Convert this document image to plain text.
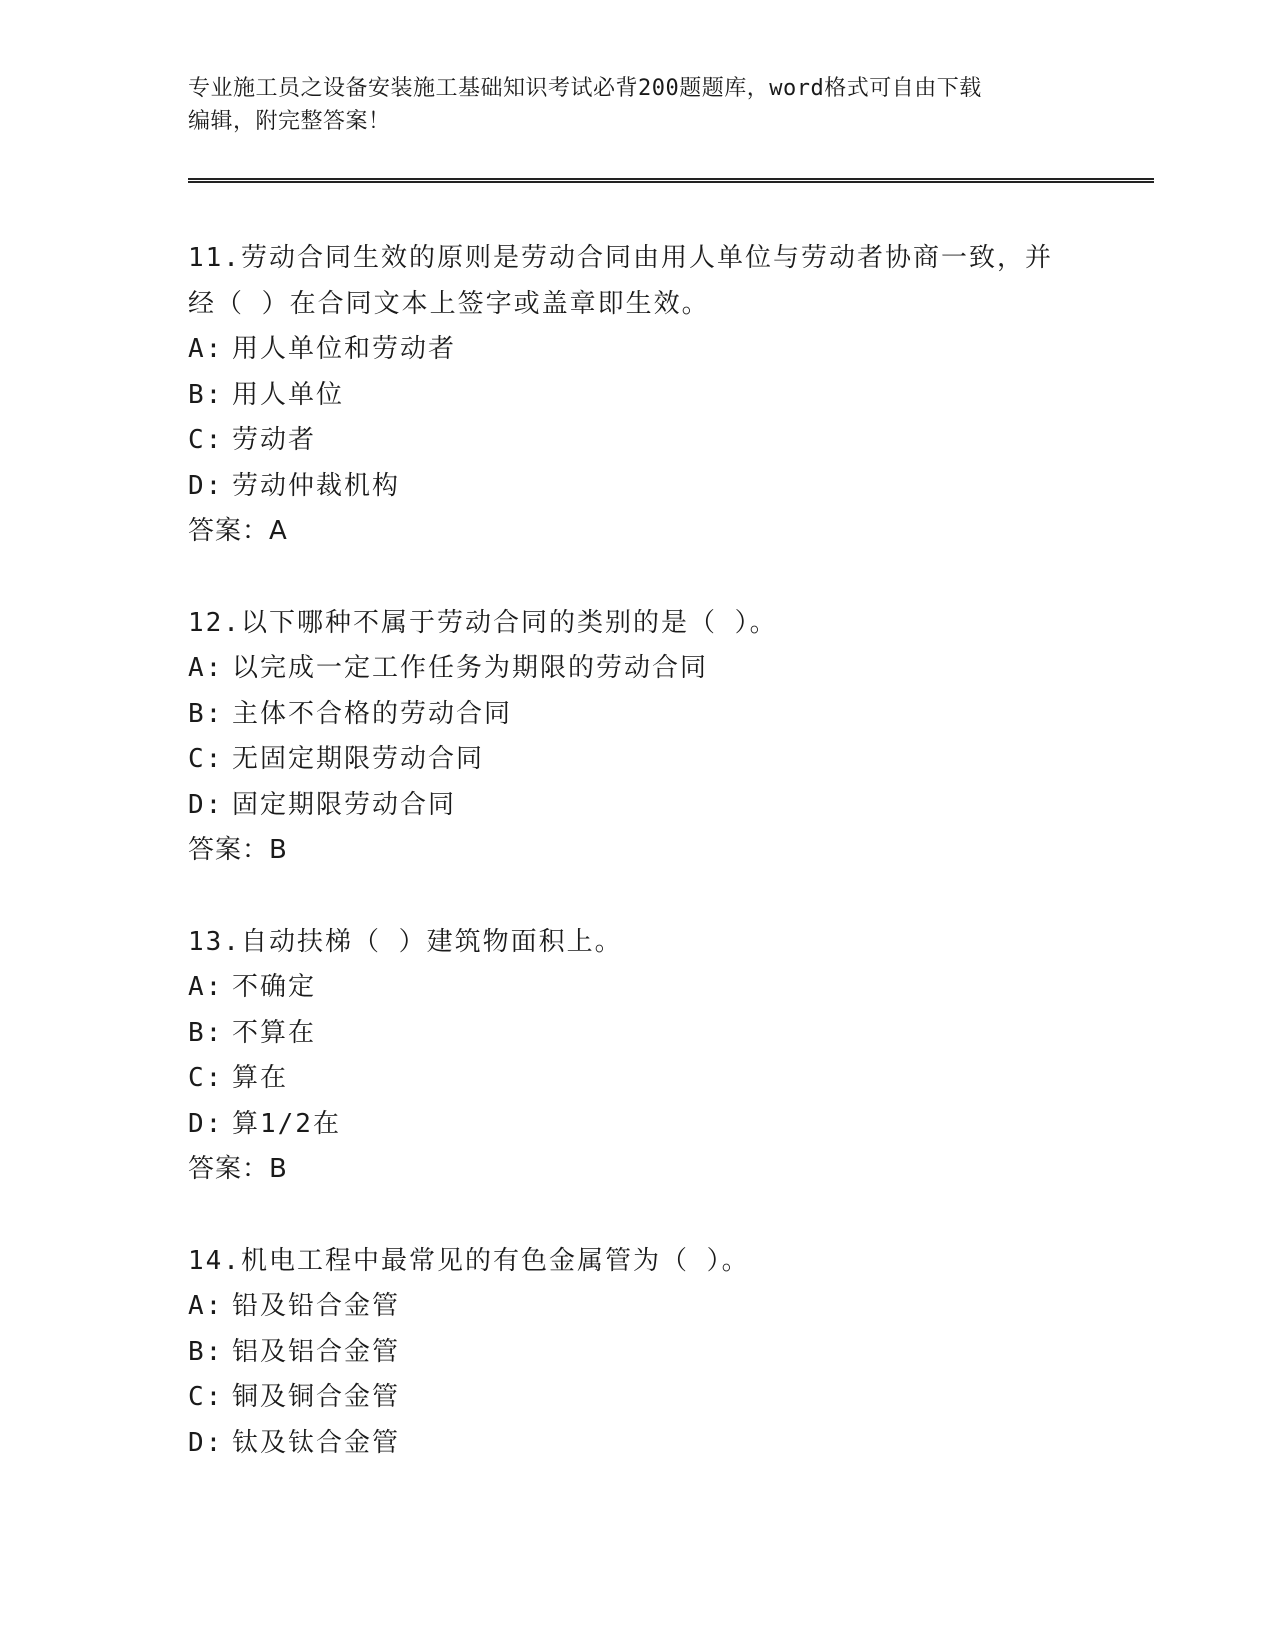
专业施工员之设备安装施工基础知识考试必背200题题库，word格式可自由下载
编辑，附完整答案！
11.劳动合同生效的原则是劳动合同由用人单位与劳动者协商一致，并
经（ ）在合同文本上签字或盖章即生效。
A: 用人单位和劳动者
B: 用人单位
C: 劳动者
D: 劳动仲裁机构
答案：A
12.以下哪种不属于劳动合同的类别的是（ ）。
A: 以完成一定工作任务为期限的劳动合同
B: 主体不合格的劳动合同
C: 无固定期限劳动合同
D: 固定期限劳动合同
答案：B
13.自动扶梯（ ）建筑物面积上。
A: 不确定
B: 不算在
C: 算在
D: 算1/2在
答案：B
14.机电工程中最常见的有色金属管为（ ）。
A: 铅及铅合金管
B: 铝及铝合金管
C: 铜及铜合金管
D: 钛及钛合金管
